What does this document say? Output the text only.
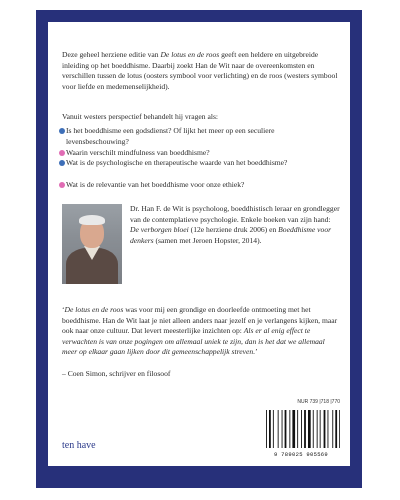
Deze geheel herziene editie van De lotus en de roos geeft een heldere en uitgebreide inleiding op het boeddhisme. Daarbij zoekt Han de Wit naar de overeenkomsten en verschillen tussen de lotus (oosters symbool voor verlichting) en de roos (westers symbool voor liefde en medemenselijkheid).

Vanuit westers perspectief behandelt hij vragen als:

Is het boeddhisme een godsdienst? Of lijkt het meer op een seculiere levensbeschouwing?
Waarin verschilt mindfulness van boeddhisme?
Wat is de psychologische en therapeutische waarde van het boeddhisme?
Wat is de relevantie van het boeddhisme voor onze ethiek?

Dr. Han F. de Wit is psycholoog, boeddhistisch leraar en grondlegger van de contemplatieve psychologie. Enkele boeken van zijn hand: De verborgen bloei (12e herziene druk 2006) en Boeddhisme voor denkers (samen met Jeroen Hopster, 2014).

‘De lotus en de roos was voor mij een grondige en doorleefde ontmoeting met het boeddhisme. Han de Wit laat je niet alleen anders naar jezelf en je verlangens kijken, maar ook naar onze cultuur. Dat levert meesterlijke inzichten op: Als er al enig effect te verwachten is van onze pogingen om allemaal uniek te zijn, dan is het dat we allemaal meer op elkaar gaan lijken door dit gemeenschappelijk streven.’

– Coen Simon, schrijver en filosoof

NUR 739 |718 |770
9 789025 905569
ten have
